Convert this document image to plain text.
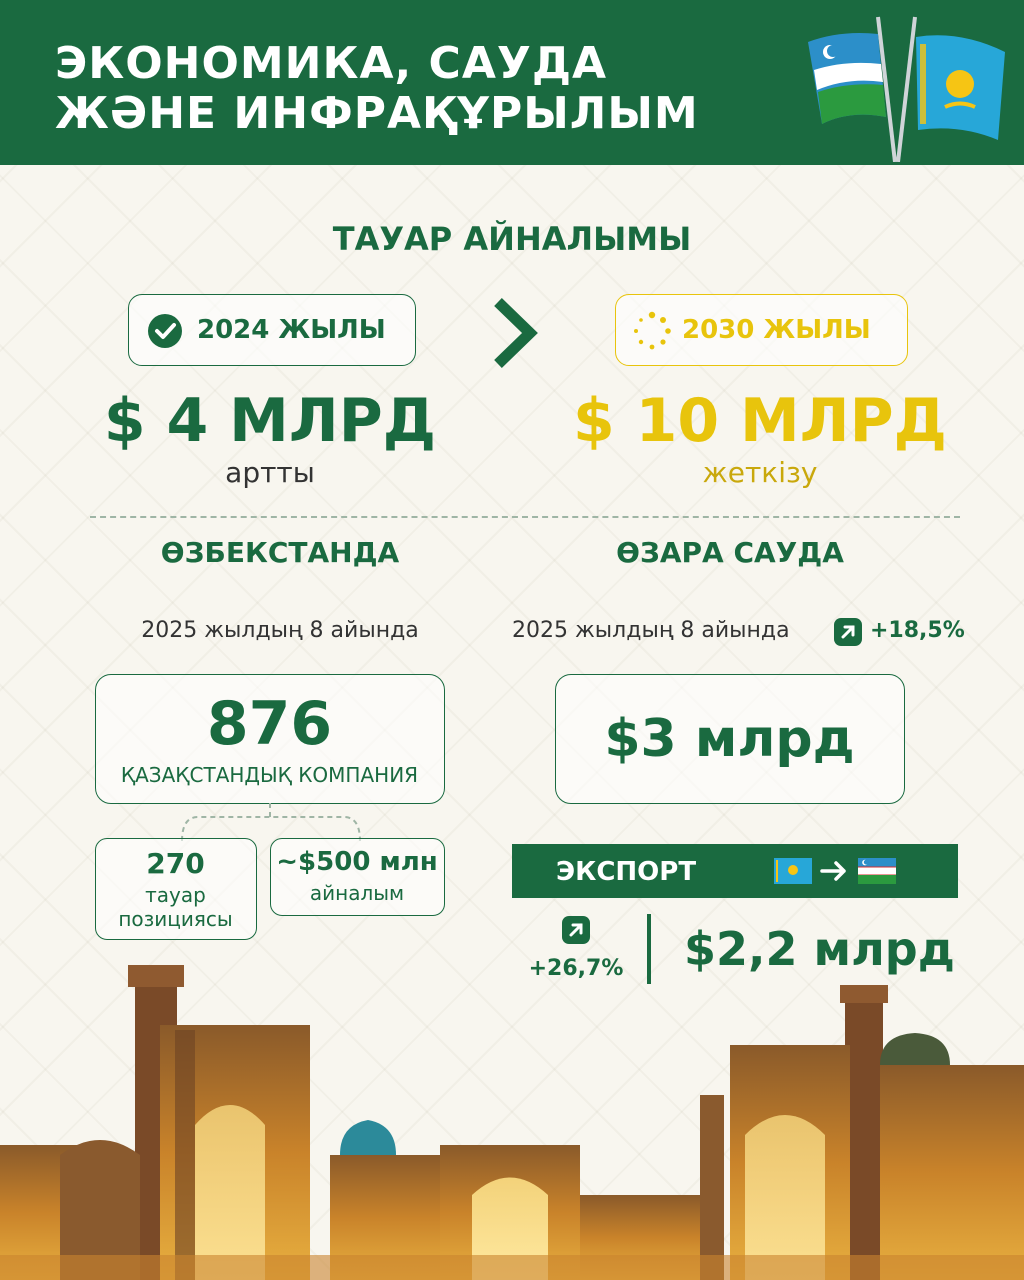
ЭКОНОМИКА, САУДА
ЖӘНЕ ИНФРАҚҰРЫЛЫМ
ТАУАР АЙНАЛЫМЫ
2024 ЖЫЛЫ	2030 ЖЫЛЫ
$ 4 МЛРД
артты
$ 10 МЛРД
жеткізу
ӨЗБЕКСТАНДА
2025 жылдың 8 айында
876
ҚАЗАҚСТАНДЫҚ КОМПАНИЯ
270
тауар
позициясы
~$500 млн
айналым
ӨЗАРА САУДА
2025 жылдың 8 айында	+18,5%
$3 млрд
ЭКСПОРТ
+26,7% $2,2 млрд
